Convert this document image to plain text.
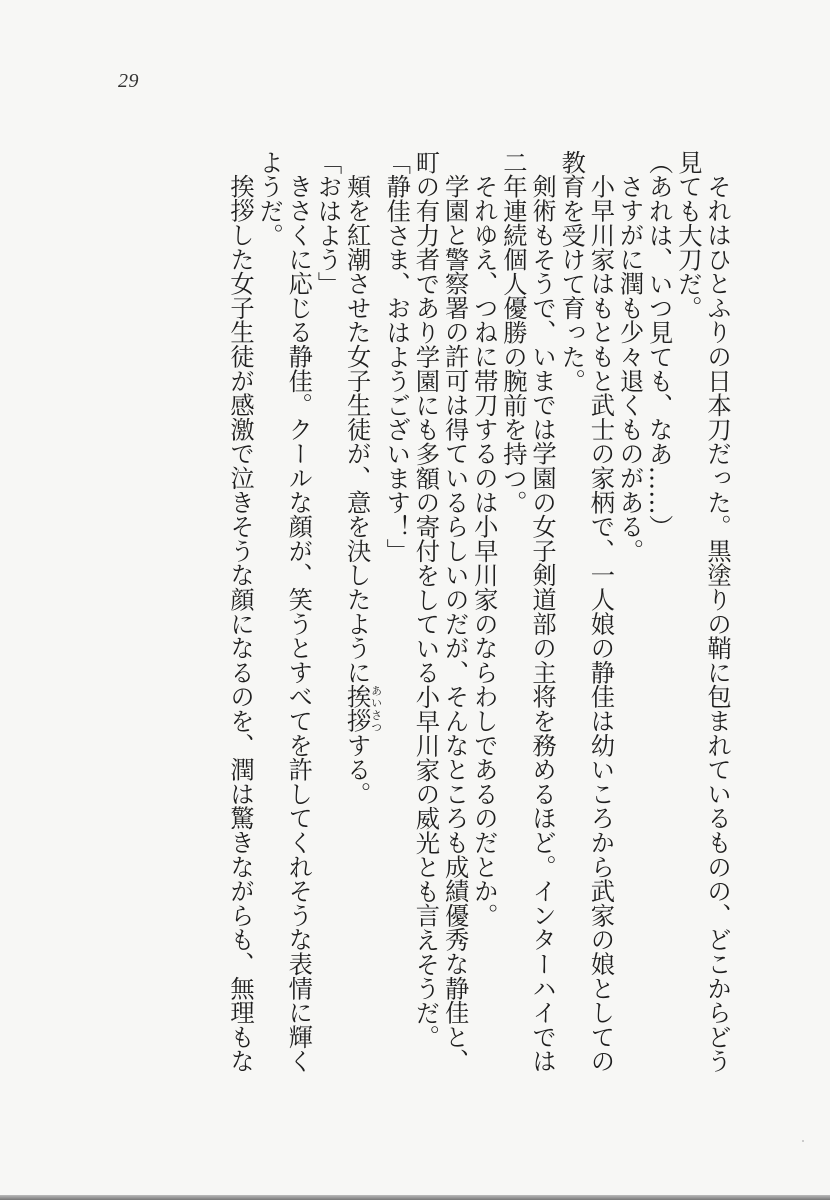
29
それはひとふりの日本刀だった。黒塗りの鞘に包まれているものの、どこからどう
見ても大刀だ。
（あれは、いつ見ても、なあ……）
さすがに潤も少々退くものがある。
小早川家はもともと武士の家柄で、一人娘の静佳は幼いころから武家の娘としての
教育を受けて育った。
剣術もそうで、いまでは学園の女子剣道部の主将を務めるほど。インターハイでは
二年連続個人優勝の腕前を持つ。
それゆえ、つねに帯刀するのは小早川家のならわしであるのだとか。
学園と警察署の許可は得ているらしいのだが、そんなところも成績優秀な静佳と、
町の有力者であり学園にも多額の寄付をしている小早川家の威光とも言えそうだ。
「静佳さま、おはようございます！」
頬を紅潮させた女子生徒が、意を決したように挨拶あいさつする。
「おはよう」
きさくに応じる静佳。クールな顔が、笑うとすべてを許してくれそうな表情に輝く
ようだ。
挨拶した女子生徒が感激で泣きそうな顔になるのを、潤は驚きながらも、無理もな
